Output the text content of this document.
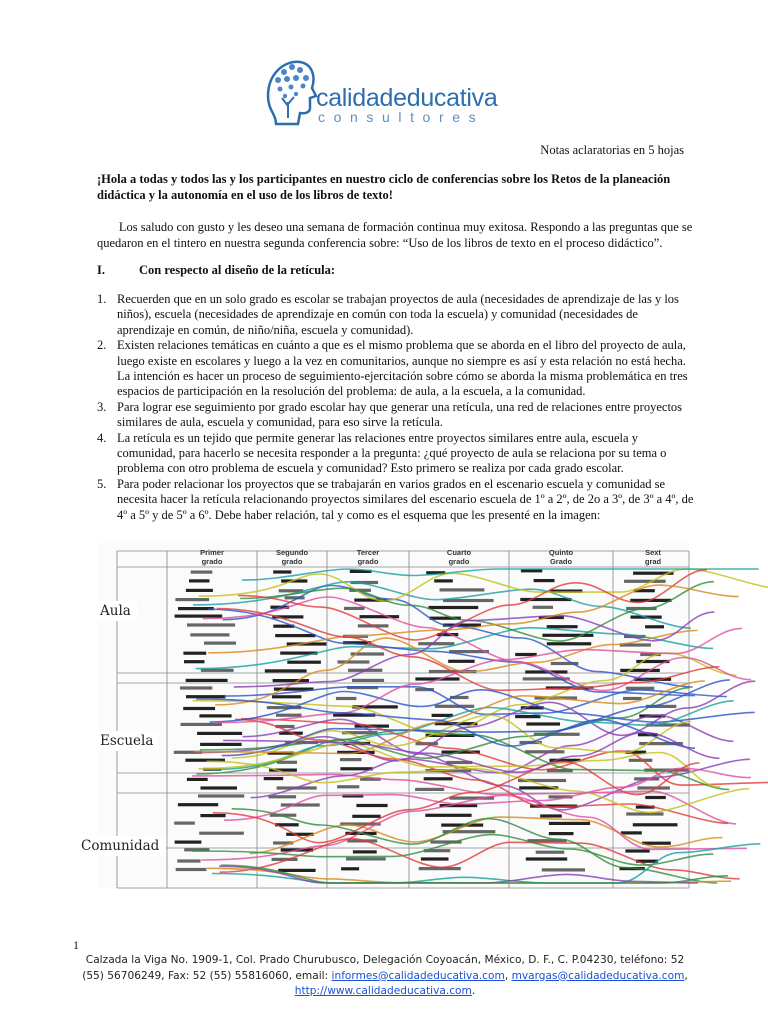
calidadeducativa
consultores
Notas aclaratorias en 5 hojas
¡Hola a todas y todos las y los participantes en nuestro ciclo de conferencias sobre los Retos de la planeación didáctica y la autonomía en el uso de los libros de texto!
Los saludo con gusto y les deseo una semana de formación continua muy exitosa. Respondo a las preguntas que se quedaron en el tintero en nuestra segunda conferencia sobre: “Uso de los libros de texto en el proceso didáctico”.
I.	Con respecto al diseño de la retícula:
1. Recuerden que en un solo grado es escolar se trabajan proyectos de aula (necesidades de aprendizaje de las y los niños), escuela (necesidades de aprendizaje en común con toda la escuela) y comunidad (necesidades de aprendizaje en común, de niño/niña, escuela y comunidad).
2. Existen relaciones temáticas en cuánto a que es el mismo problema que se aborda en el libro del proyecto de aula, luego existe en escolares y luego a la vez en comunitarios, aunque no siempre es así y esta relación no está hecha. La intención es hacer un proceso de seguimiento-ejercitación sobre cómo se aborda la misma problemática en tres espacios de participación en la resolución del problema: de aula, a la escuela, a la comunidad.
3. Para lograr ese seguimiento por grado escolar hay que generar una retícula, una red de relaciones entre proyectos similares de aula, escuela y comunidad, para eso sirve la retícula.
4. La retícula es un tejido que permite generar las relaciones entre proyectos similares entre aula, escuela y comunidad, para hacerlo se necesita responder a la pregunta: ¿qué proyecto de aula se relaciona por su tema o problema con otro problema de escuela y comunidad? Esto primero se realiza por cada grado escolar.
5. Para poder relacionar los proyectos que se trabajarán en varios grados en el escenario escuela y comunidad se necesita hacer la retícula relacionando proyectos similares del escenario escuela de 1º a 2º, de 2o a 3º, de 3º a 4º, de 4º a 5º y de 5º a 6º. Debe haber relación, tal y como es el esquema que les presenté en la imagen:
Primer grado
Segundo grado
Tercer grado
Cuarto grado
Quinto Grado
Sext grad
Aula
Escuela
Comunidad
1
Calzada la Viga No. 1909-1, Col. Prado Churubusco, Delegación Coyoacán, México, D. F., C. P.04230, teléfono: 52
(55) 56706249, Fax: 52 (55) 55816060, email: informes@calidadeducativa.com, mvargas@calidadeducativa.com,
http://www.calidadeducativa.com.
